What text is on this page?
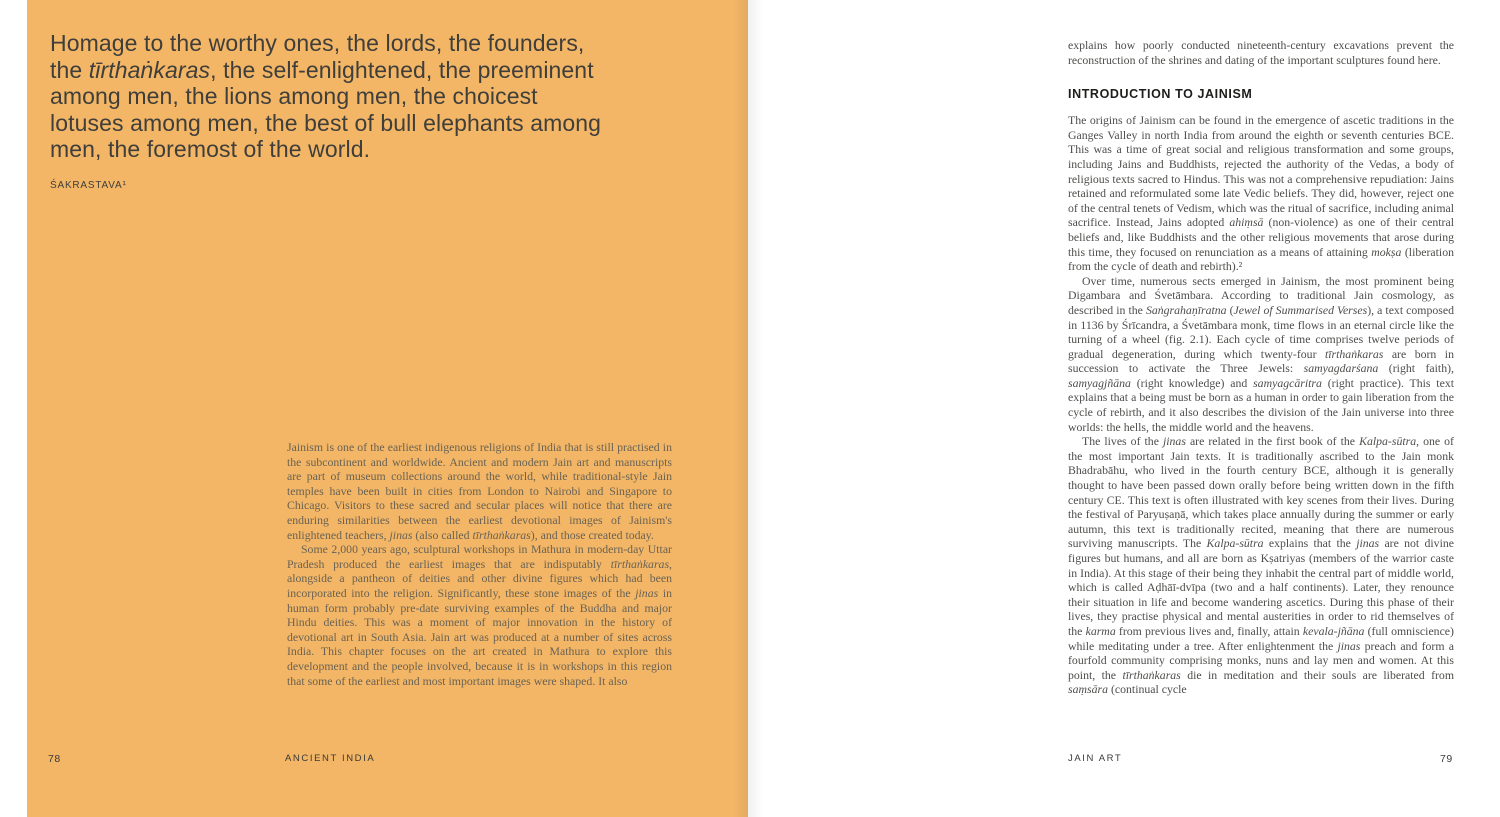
Homage to the worthy ones, the lords, the founders, the tīrthaṅkaras, the self-enlightened, the preeminent among men, the lions among men, the choicest lotuses among men, the best of bull elephants among men, the foremost of the world.
ŚAKRASTAVA¹

Jainism is one of the earliest indigenous religions of India that is still practised in the subcontinent and worldwide. Ancient and modern Jain art and manuscripts are part of museum collections around the world, while traditional-style Jain temples have been built in cities from London to Nairobi and Singapore to Chicago. Visitors to these sacred and secular places will notice that there are enduring similarities between the earliest devotional images of Jainism's enlightened teachers, jinas (also called tīrthaṅkaras), and those created today.

Some 2,000 years ago, sculptural workshops in Mathura in modern-day Uttar Pradesh produced the earliest images that are indisputably tīrthaṅkaras, alongside a pantheon of deities and other divine figures which had been incorporated into the religion. Significantly, these stone images of the jinas in human form probably pre-date surviving examples of the Buddha and major Hindu deities. This was a moment of major innovation in the history of devotional art in South Asia. Jain art was produced at a number of sites across India. This chapter focuses on the art created in Mathura to explore this development and the people involved, because it is in workshops in this region that some of the earliest and most important images were shaped. It also

78	ANCIENT INDIA

explains how poorly conducted nineteenth-century excavations prevent the reconstruction of the shrines and dating of the important sculptures found here.

INTRODUCTION TO JAINISM

The origins of Jainism can be found in the emergence of ascetic traditions in the Ganges Valley in north India from around the eighth or seventh centuries BCE. This was a time of great social and religious transformation and some groups, including Jains and Buddhists, rejected the authority of the Vedas, a body of religious texts sacred to Hindus. This was not a comprehensive repudiation: Jains retained and reformulated some late Vedic beliefs. They did, however, reject one of the central tenets of Vedism, which was the ritual of sacrifice, including animal sacrifice. Instead, Jains adopted ahiṃsā (non-violence) as one of their central beliefs and, like Buddhists and the other religious movements that arose during this time, they focused on renunciation as a means of attaining mokṣa (liberation from the cycle of death and rebirth).²

Over time, numerous sects emerged in Jainism, the most prominent being Digambara and Śvetāmbara. According to traditional Jain cosmology, as described in the Saṅgrahaṇīratna (Jewel of Summarised Verses), a text composed in 1136 by Śrīcandra, a Śvetāmbara monk, time flows in an eternal circle like the turning of a wheel (fig. 2.1). Each cycle of time comprises twelve periods of gradual degeneration, during which twenty-four tīrthaṅkaras are born in succession to activate the Three Jewels: samyagdarśana (right faith), samyagjñāna (right knowledge) and samyagcāritra (right practice). This text explains that a being must be born as a human in order to gain liberation from the cycle of rebirth, and it also describes the division of the Jain universe into three worlds: the hells, the middle world and the heavens.

The lives of the jinas are related in the first book of the Kalpa-sūtra, one of the most important Jain texts. It is traditionally ascribed to the Jain monk Bhadrabāhu, who lived in the fourth century BCE, although it is generally thought to have been passed down orally before being written down in the fifth century CE. This text is often illustrated with key scenes from their lives. During the festival of Paryuṣaṇā, which takes place annually during the summer or early autumn, this text is traditionally recited, meaning that there are numerous surviving manuscripts. The Kalpa-sūtra explains that the jinas are not divine figures but humans, and all are born as Kṣatriyas (members of the warrior caste in India). At this stage of their being they inhabit the central part of middle world, which is called Aḍhāī-dvīpa (two and a half continents). Later, they renounce their situation in life and become wandering ascetics. During this phase of their lives, they practise physical and mental austerities in order to rid themselves of the karma from previous lives and, finally, attain kevala-jñāna (full omniscience) while meditating under a tree. After enlightenment the jinas preach and form a fourfold community comprising monks, nuns and lay men and women. At this point, the tīrthaṅkaras die in meditation and their souls are liberated from saṃsāra (continual cycle

JAIN ART	79
